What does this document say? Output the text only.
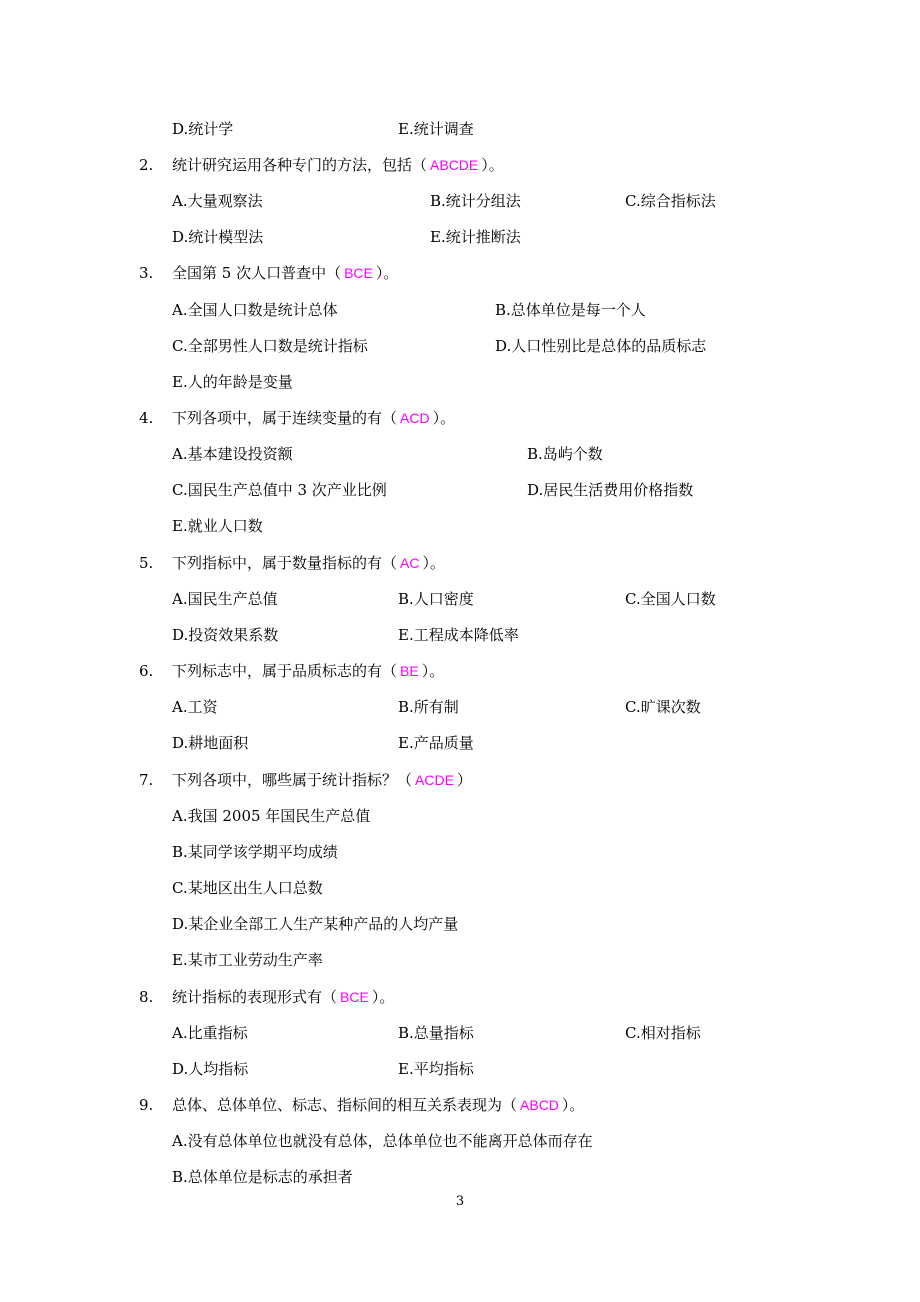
D.统计学	E.统计调查
2.	统计研究运用各种专门的方法，包括（ ABCDE ）。
A.大量观察法	B.统计分组法	C.综合指标法
D.统计模型法	E.统计推断法
3.	全国第 5 次人口普查中（ BCE ）。
A.全国人口数是统计总体	B.总体单位是每一个人
C.全部男性人口数是统计指标	D.人口性别比是总体的品质标志
E.人的年龄是变量
4.	下列各项中，属于连续变量的有（ ACD ）。
A.基本建设投资额	B.岛屿个数
C.国民生产总值中 3 次产业比例	D.居民生活费用价格指数
E.就业人口数
5.	下列指标中，属于数量指标的有（ AC ）。
A.国民生产总值	B.人口密度	C.全国人口数
D.投资效果系数	E.工程成本降低率
6.	下列标志中，属于品质标志的有（ BE ）。
A.工资	B.所有制	C.旷课次数
D.耕地面积	E.产品质量
7.	下列各项中，哪些属于统计指标？（ ACDE ）
A.我国 2005 年国民生产总值
B.某同学该学期平均成绩
C.某地区出生人口总数
D.某企业全部工人生产某种产品的人均产量
E.某市工业劳动生产率
8.	统计指标的表现形式有（ BCE ）。
A.比重指标	B.总量指标	C.相对指标
D.人均指标	E.平均指标
9.	总体、总体单位、标志、指标间的相互关系表现为（ ABCD ）。
A.没有总体单位也就没有总体，总体单位也不能离开总体而存在
B.总体单位是标志的承担者
3
